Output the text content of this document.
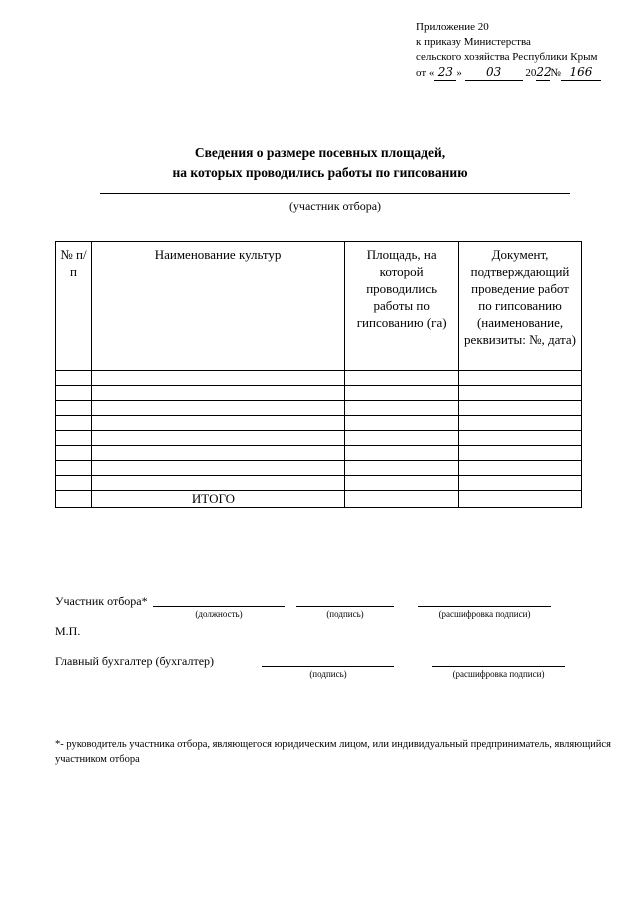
Приложение 20
к приказу Министерства
сельского хозяйства Республики Крым
от « 23 » 03 2022№ 166
Сведения о размере посевных площадей,
на которых проводились работы по гипсованию
(участник отбора)
№ п/п	Наименование культур	Площадь, на которой проводились работы по гипсованию (га)	Документ, подтверждающий проведение работ по гипсованию (наименование, реквизиты: №, дата)

	ИТОГО		

Участник отбора*
(должность)	(подпись)	(расшифровка подписи)
М.П.
Главный бухгалтер (бухгалтер)
(подпись)	(расшифровка подписи)
*- руководитель участника отбора, являющегося юридическим лицом, или индивидуальный предприниматель, являющийся участником отбора
